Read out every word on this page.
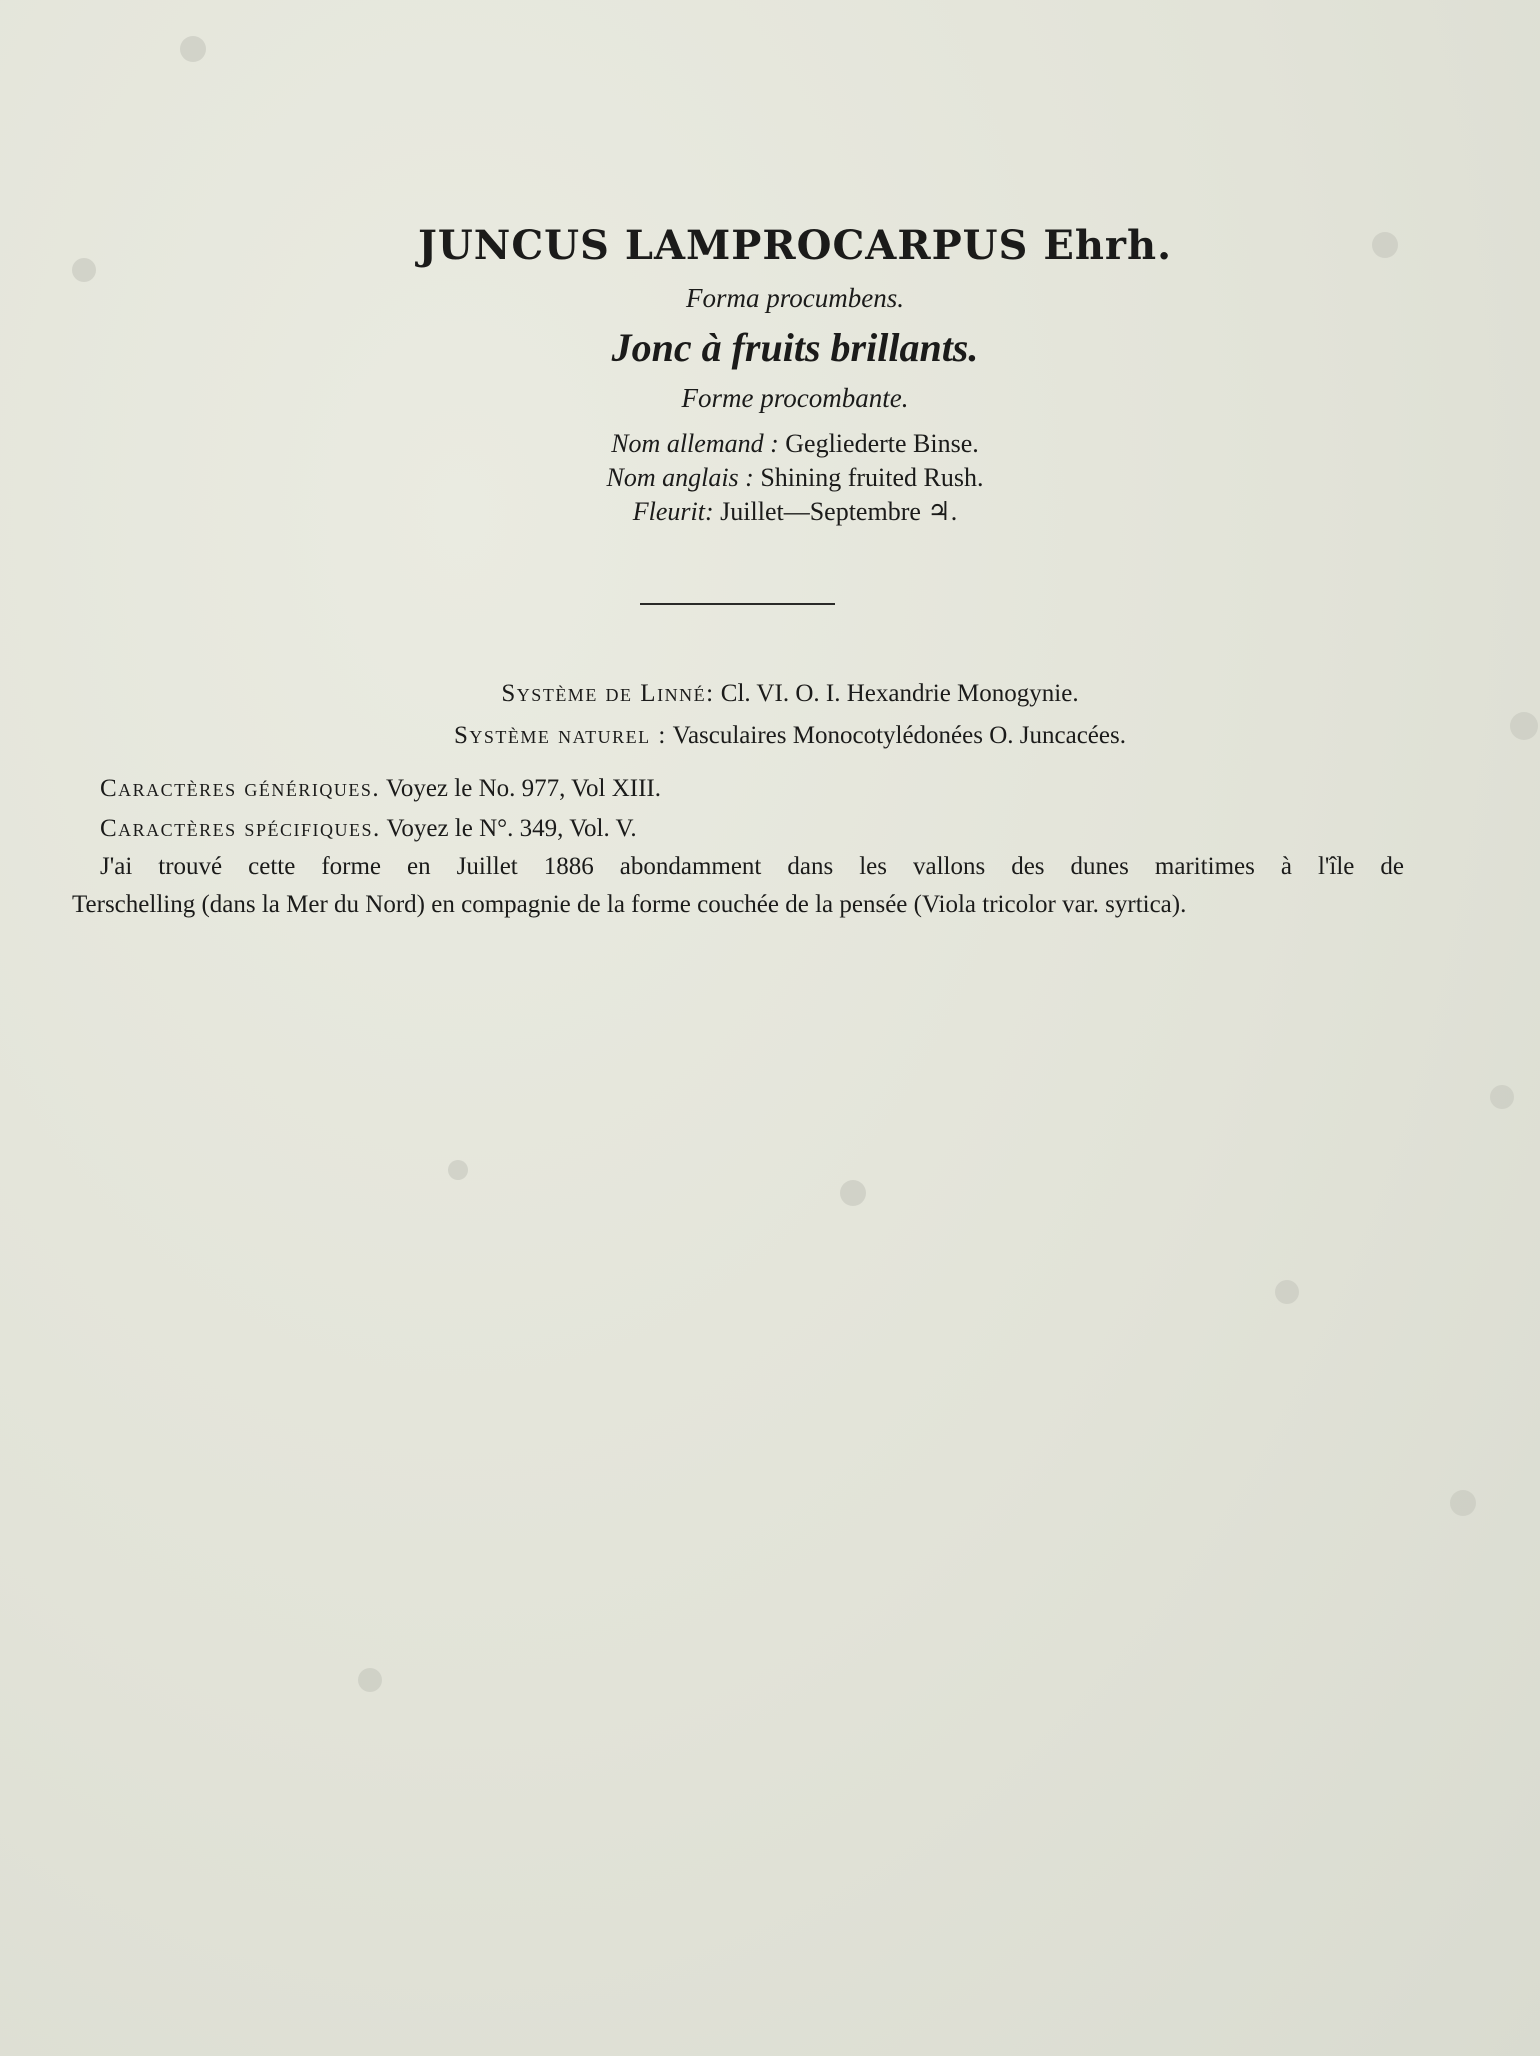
JUNCUS LAMPROCARPUS Ehrh.
Forma procumbens.
Jonc à fruits brillants.
Forme procombante.
Nom allemand : Gegliederte Binse.
Nom anglais : Shining fruited Rush.
Fleurit: Juillet—Septembre ♃.
Système de Linné: Cl. VI. O. I. Hexandrie Monogynie.
Système naturel : Vasculaires Monocotylédonées O. Juncacées.
Caractères génériques. Voyez le No. 977, Vol XIII.
Caractères spécifiques. Voyez le N°. 349, Vol. V.
J'ai trouvé cette forme en Juillet 1886 abondamment dans les vallons des dunes maritimes à l'île de
Terschelling (dans la Mer du Nord) en compagnie de la forme couchée de la pensée (Viola tricolor var. syrtica).
